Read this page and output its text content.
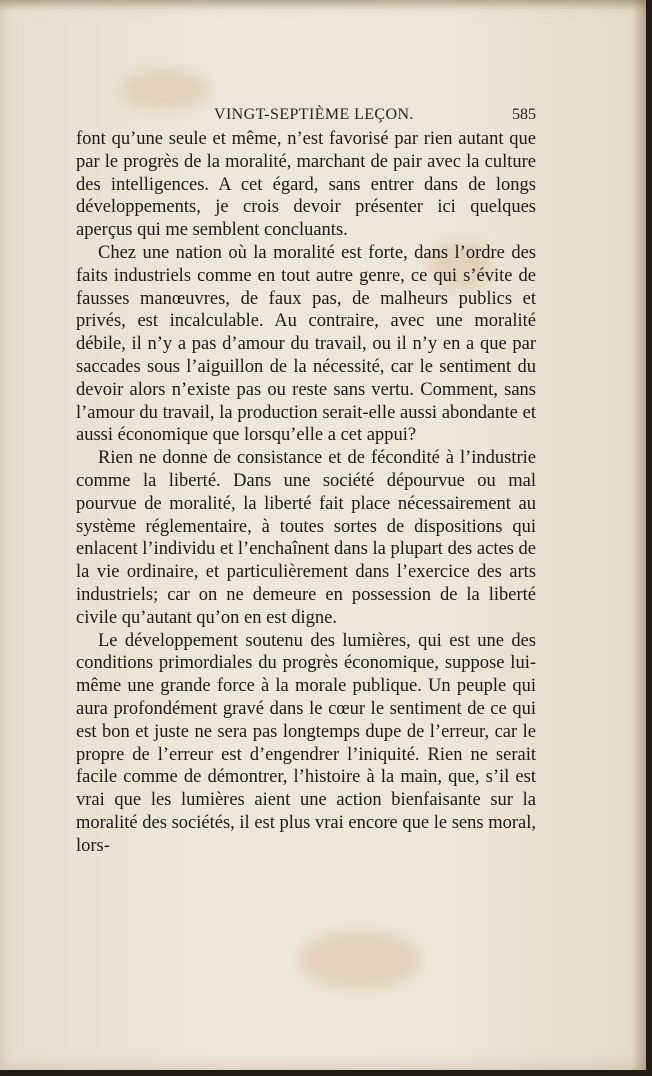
VINGT-SEPTIÈME LEÇON.	585

font qu’une seule et même, n’est favorisé par rien autant que par le progrès de la moralité, marchant de pair avec la culture des intelligences. A cet égard, sans entrer dans de longs développements, je crois devoir présenter ici quelques aperçus qui me semblent concluants.

Chez une nation où la moralité est forte, dans l’ordre des faits industriels comme en tout autre genre, ce qui s’évite de fausses manœuvres, de faux pas, de malheurs publics et privés, est incalculable. Au contraire, avec une moralité débile, il n’y a pas d’amour du travail, ou il n’y en a que par saccades sous l’aiguillon de la nécessité, car le sentiment du devoir alors n’existe pas ou reste sans vertu. Comment, sans l’amour du travail, la production serait-elle aussi abondante et aussi économique que lorsqu’elle a cet appui?

Rien ne donne de consistance et de fécondité à l’industrie comme la liberté. Dans une société dépourvue ou mal pourvue de moralité, la liberté fait place nécessairement au système réglementaire, à toutes sortes de dispositions qui enlacent l’individu et l’enchaînent dans la plupart des actes de la vie ordinaire, et particulièrement dans l’exercice des arts industriels; car on ne demeure en possession de la liberté civile qu’autant qu’on en est digne.

Le développement soutenu des lumières, qui est une des conditions primordiales du progrès économique, suppose lui-même une grande force à la morale publique. Un peuple qui aura profondément gravé dans le cœur le sentiment de ce qui est bon et juste ne sera pas longtemps dupe de l’erreur, car le propre de l’erreur est d’engendrer l’iniquité. Rien ne serait facile comme de démontrer, l’histoire à la main, que, s’il est vrai que les lumières aient une action bienfaisante sur la moralité des sociétés, il est plus vrai encore que le sens moral, lors-
